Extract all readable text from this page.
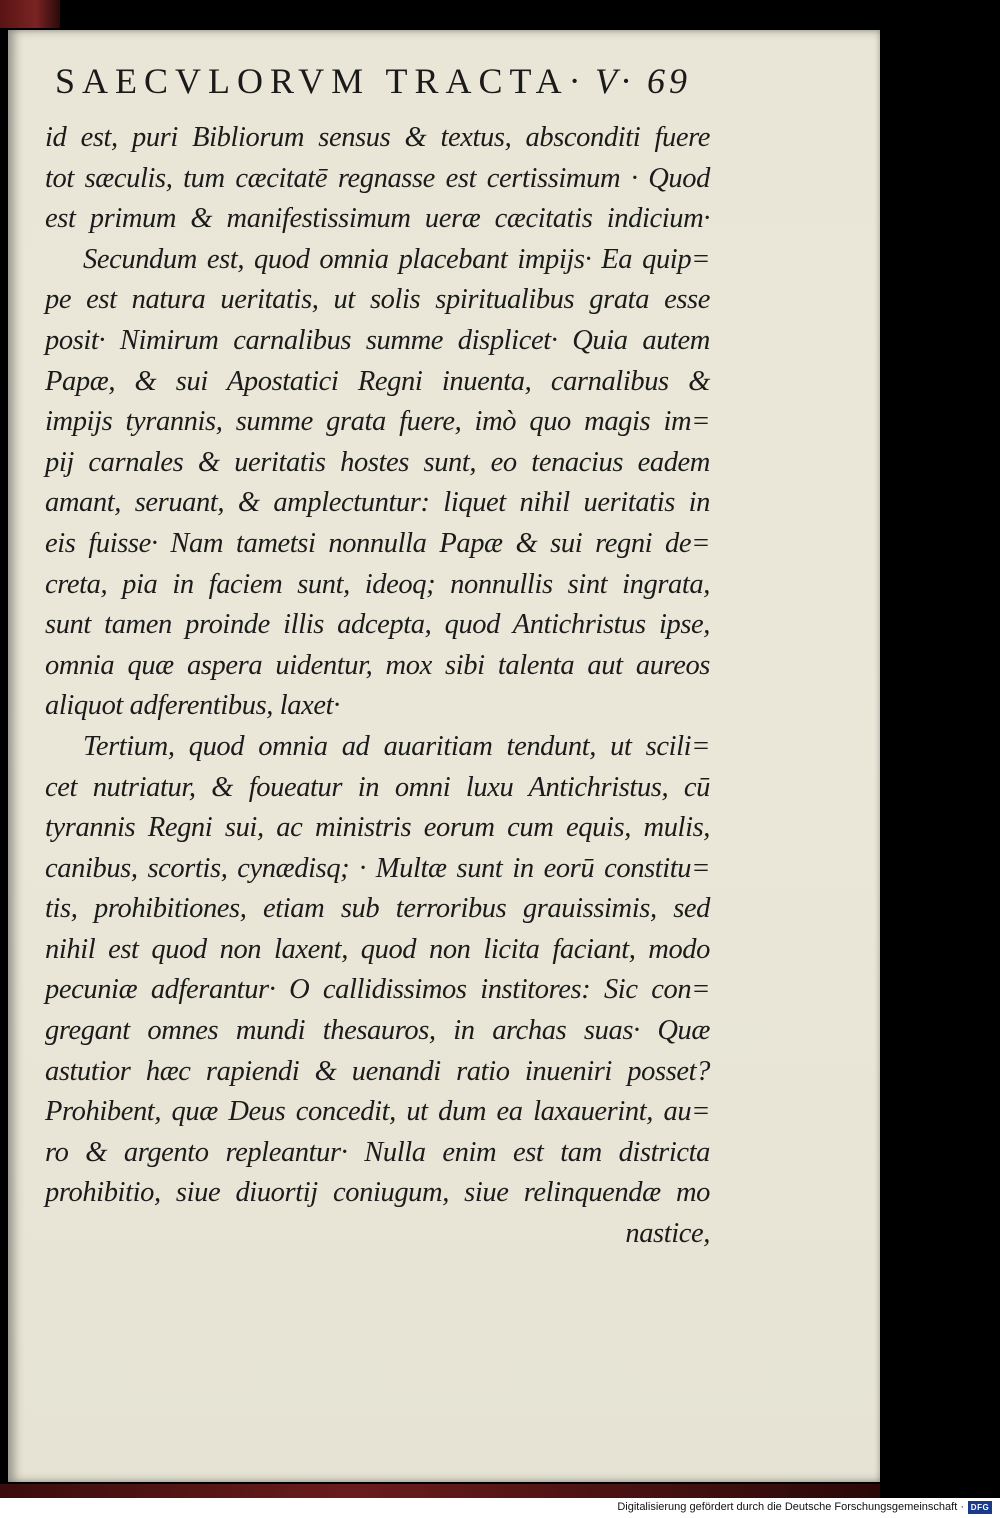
SAECVLORVM TRACTA· V· 69
id est, puri Bibliorum sensus & textus, absconditi fuere
tot sæculis, tum cæcitatē regnasse est certissimum · Quod
est primum & manifestissimum ueræ cæcitatis indicium·
Secundum est, quod omnia placebant impijs· Ea quip=
pe est natura ueritatis, ut solis spiritualibus grata esse
posit· Nimirum carnalibus summe displicet· Quia autem
Papæ, & sui Apostatici Regni inuenta, carnalibus &
impijs tyrannis, summe grata fuere, imò quo magis im=
pij carnales & ueritatis hostes sunt, eo tenacius eadem
amant, seruant, & amplectuntur: liquet nihil ueritatis in
eis fuisse· Nam tametsi nonnulla Papæ & sui regni de=
creta, pia in faciem sunt, ideoq; nonnullis sint ingrata,
sunt tamen proinde illis adcepta, quod Antichristus ipse,
omnia quæ aspera uidentur, mox sibi talenta aut aureos
aliquot adferentibus, laxet·
Tertium, quod omnia ad auaritiam tendunt, ut scili=
cet nutriatur, & foueatur in omni luxu Antichristus, cū
tyrannis Regni sui, ac ministris eorum cum equis, mulis,
canibus, scortis, cynædisq; · Multæ sunt in eorū constitu=
tis, prohibitiones, etiam sub terroribus grauissimis, sed
nihil est quod non laxent, quod non licita faciant, modo
pecuniæ adferantur· O callidissimos institores: Sic con=
gregant omnes mundi thesauros, in archas suas· Quæ
astutior hæc rapiendi & uenandi ratio inueniri posset?
Prohibent, quæ Deus concedit, ut dum ea laxauerint, au=
ro & argento repleantur· Nulla enim est tam districta
prohibitio, siue diuortij coniugum, siue relinquendæ mo
nastice,
Digitalisierung gefördert durch die Deutsche Forschungsgemeinschaft · DFG
